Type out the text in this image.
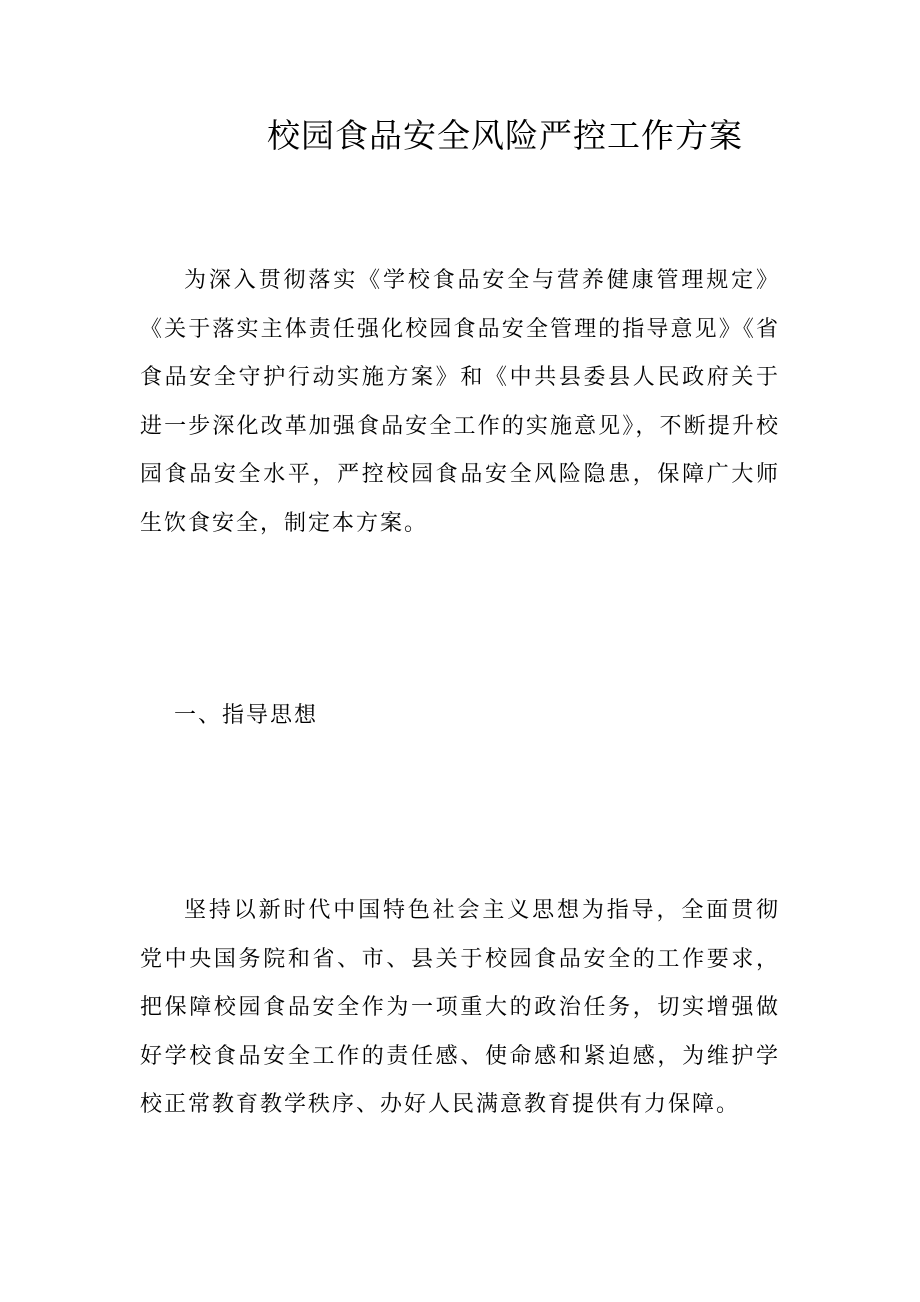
校园食品安全风险严控工作方案

为深入贯彻落实《学校食品安全与营养健康管理规定》《关于落实主体责任强化校园食品安全管理的指导意见》《省食品安全守护行动实施方案》和《中共县委县人民政府关于进一步深化改革加强食品安全工作的实施意见》，不断提升校园食品安全水平，严控校园食品安全风险隐患，保障广大师生饮食安全，制定本方案。

一、指导思想

坚持以新时代中国特色社会主义思想为指导，全面贯彻党中央国务院和省、市、县关于校园食品安全的工作要求，把保障校园食品安全作为一项重大的政治任务，切实增强做好学校食品安全工作的责任感、使命感和紧迫感，为维护学校正常教育教学秩序、办好人民满意教育提供有力保障。
